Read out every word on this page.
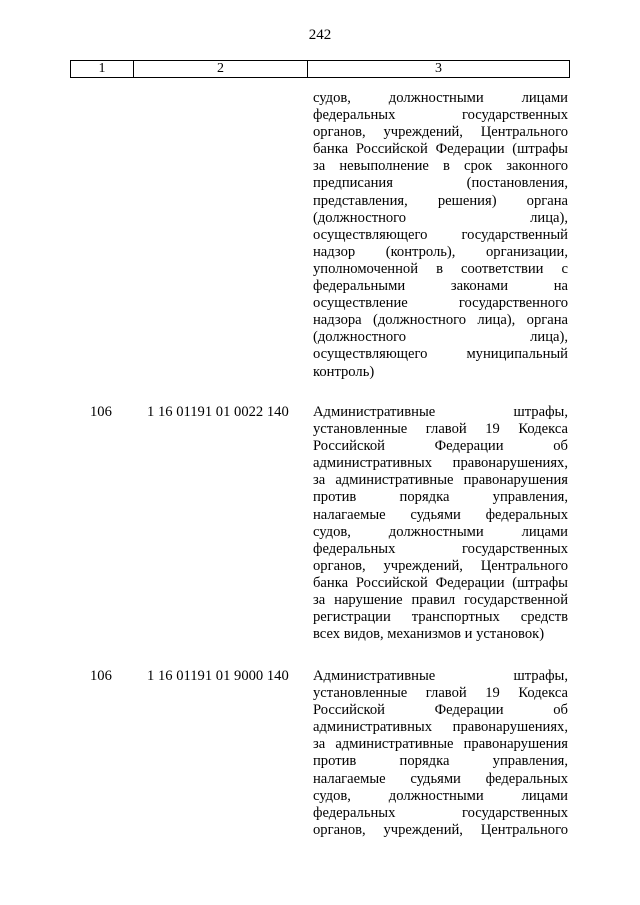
242
1	2	3
судов, должностными лицами
федеральных государственных
органов, учреждений, Центрального
банка Российской Федерации (штрафы
за невыполнение в срок законного
предписания (постановления,
представления, решения) органа
(должностного лица),
осуществляющего государственный
надзор (контроль), организации,
уполномоченной в соответствии с
федеральными законами на
осуществление государственного
надзора (должностного лица), органа
(должностного лица),
осуществляющего муниципальный
контроль)
106 1 16 01191 01 0022 140 Административные штрафы,
установленные главой 19 Кодекса
Российской Федерации об
административных правонарушениях,
за административные правонарушения
против порядка управления,
налагаемые судьями федеральных
судов, должностными лицами
федеральных государственных
органов, учреждений, Центрального
банка Российской Федерации (штрафы
за нарушение правил государственной
регистрации транспортных средств
всех видов, механизмов и установок)
106 1 16 01191 01 9000 140 Административные штрафы,
установленные главой 19 Кодекса
Российской Федерации об
административных правонарушениях,
за административные правонарушения
против порядка управления,
налагаемые судьями федеральных
судов, должностными лицами
федеральных государственных
органов, учреждений, Центрального
